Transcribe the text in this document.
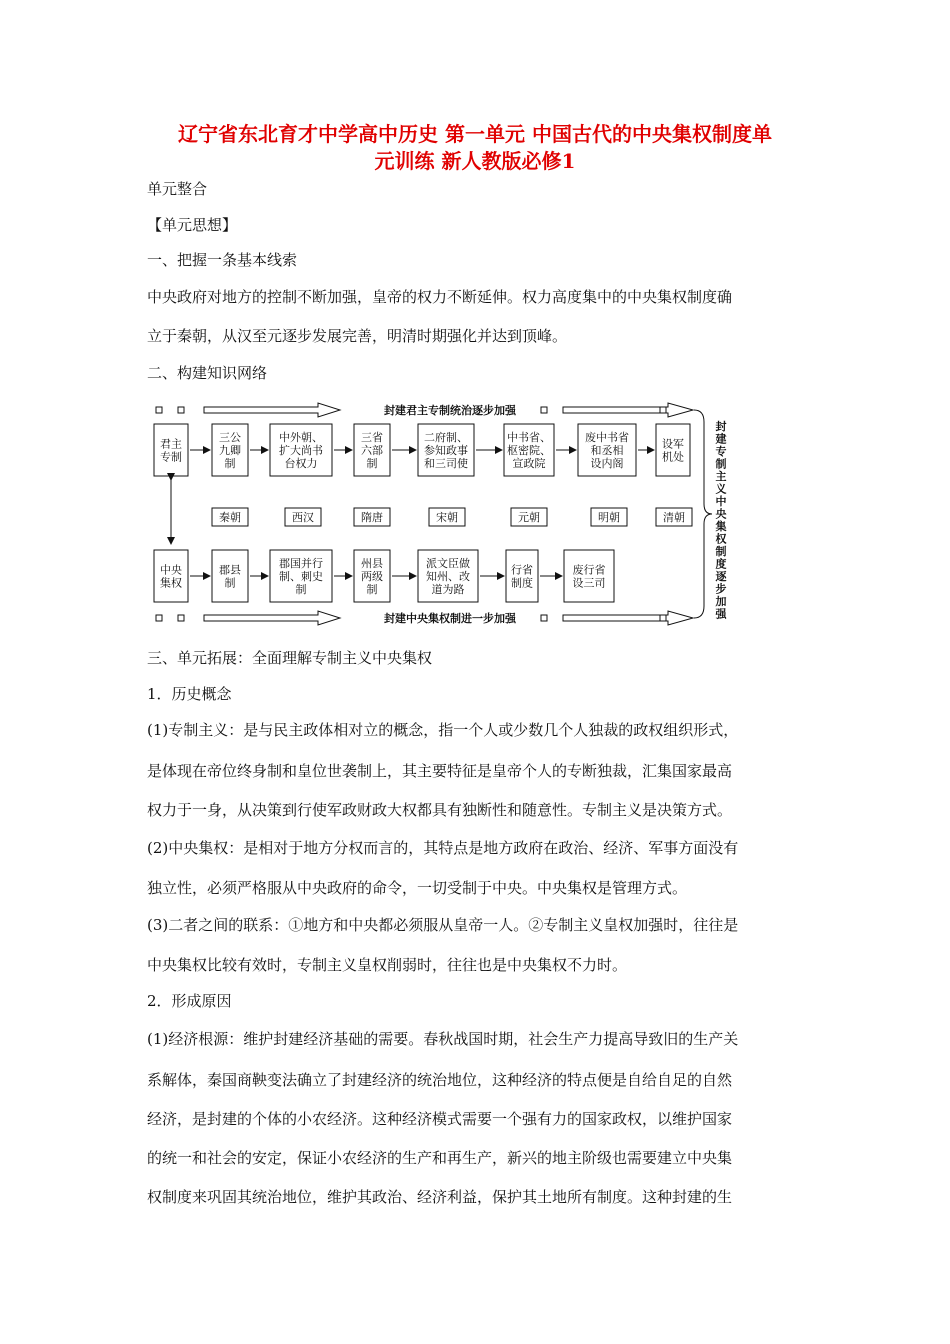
辽宁省东北育才中学高中历史 第一单元 中国古代的中央集权制度单
元训练 新人教版必修1
单元整合
【单元思想】
一、把握一条基本线索
中央政府对地方的控制不断加强，皇帝的权力不断延伸。权力高度集中的中央集权制度确
立于秦朝，从汉至元逐步发展完善，明清时期强化并达到顶峰。
二、构建知识网络
封建君主专制统治逐步加强
封建中央集权制进一步加强
君主
专制
中央
集权
三公
九卿
制
中外朝、
扩大尚书
台权力
三省
六部
制
二府制、
参知政事
和三司使
中书省、
枢密院、
宣政院
废中书省
和丞相
设内阁
设军
机处
秦朝	西汉	隋唐	宋朝	元朝	明朝	清朝
郡县
制
郡国并行
制、刺史
制
州县
两级
制
派文臣做
知州、改
道为路
行省
制度
废行省
设三司
封
建
专
制
主
义
中
央
集
权
制
度
逐
步
加
强
三、单元拓展：全面理解专制主义中央集权
1．历史概念
(1)专制主义：是与民主政体相对立的概念，指一个人或少数几个人独裁的政权组织形式，
是体现在帝位终身制和皇位世袭制上，其主要特征是皇帝个人的专断独裁，汇集国家最高
权力于一身，从决策到行使军政财政大权都具有独断性和随意性。专制主义是决策方式。
(2)中央集权：是相对于地方分权而言的，其特点是地方政府在政治、经济、军事方面没有
独立性，必须严格服从中央政府的命令，一切受制于中央。中央集权是管理方式。
(3)二者之间的联系：①地方和中央都必须服从皇帝一人。②专制主义皇权加强时，往往是
中央集权比较有效时，专制主义皇权削弱时，往往也是中央集权不力时。
2．形成原因
(1)经济根源：维护封建经济基础的需要。春秋战国时期，社会生产力提高导致旧的生产关
系解体，秦国商鞅变法确立了封建经济的统治地位，这种经济的特点便是自给自足的自然
经济，是封建的个体的小农经济。这种经济模式需要一个强有力的国家政权，以维护国家
的统一和社会的安定，保证小农经济的生产和再生产，新兴的地主阶级也需要建立中央集
权制度来巩固其统治地位，维护其政治、经济利益，保护其土地所有制度。这种封建的生
